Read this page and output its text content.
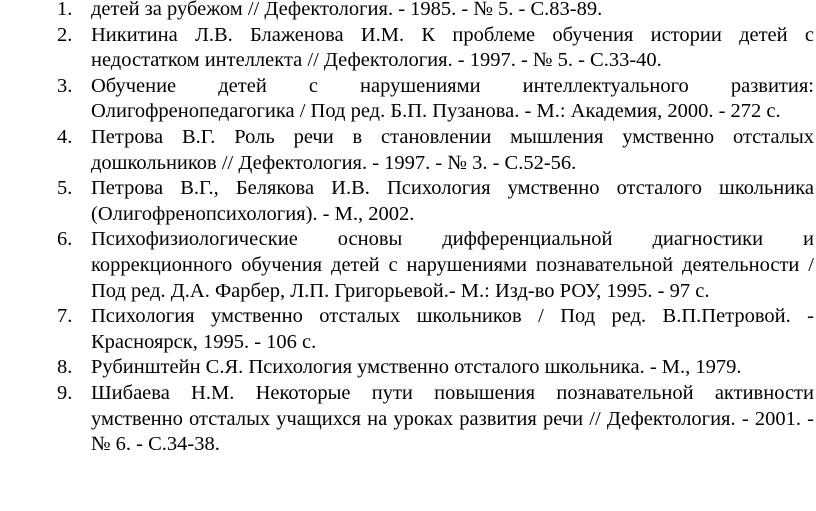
1. детей за рубежом // Дефектология. - 1985. - № 5. - С.83-89.
2. Никитина Л.В. Блаженова И.М. К проблеме обучения истории детей с недостатком интеллекта // Дефектология. - 1997. - № 5. - С.33-40.
3. Обучение детей с нарушениями интеллектуального развития: Олигофренопедагогика / Под ред. Б.П. Пузанова. - М.: Академия, 2000. - 272 с.
4. Петрова В.Г. Роль речи в становлении мышления умственно отсталых дошкольников // Дефектология. - 1997. - № 3. - С.52-56.
5. Петрова В.Г., Белякова И.В. Психология умственно отсталого школьника (Олигофренопсихология). - М., 2002.
6. Психофизиологические основы дифференциальной диагностики и коррекционного обучения детей с нарушениями познавательной деятельности / Под ред. Д.А. Фарбер, Л.П. Григорьевой.- М.: Изд-во РОУ, 1995. - 97 с.
7. Психология умственно отсталых школьников / Под ред. В.П.Петровой. - Красноярск, 1995. - 106 с.
8. Рубинштейн С.Я. Психология умственно отсталого школьника. - М., 1979.
9. Шибаева Н.М. Некоторые пути повышения познавательной активности умственно отсталых учащихся на уроках развития речи // Дефектология. - 2001. - № 6. - С.34-38.
